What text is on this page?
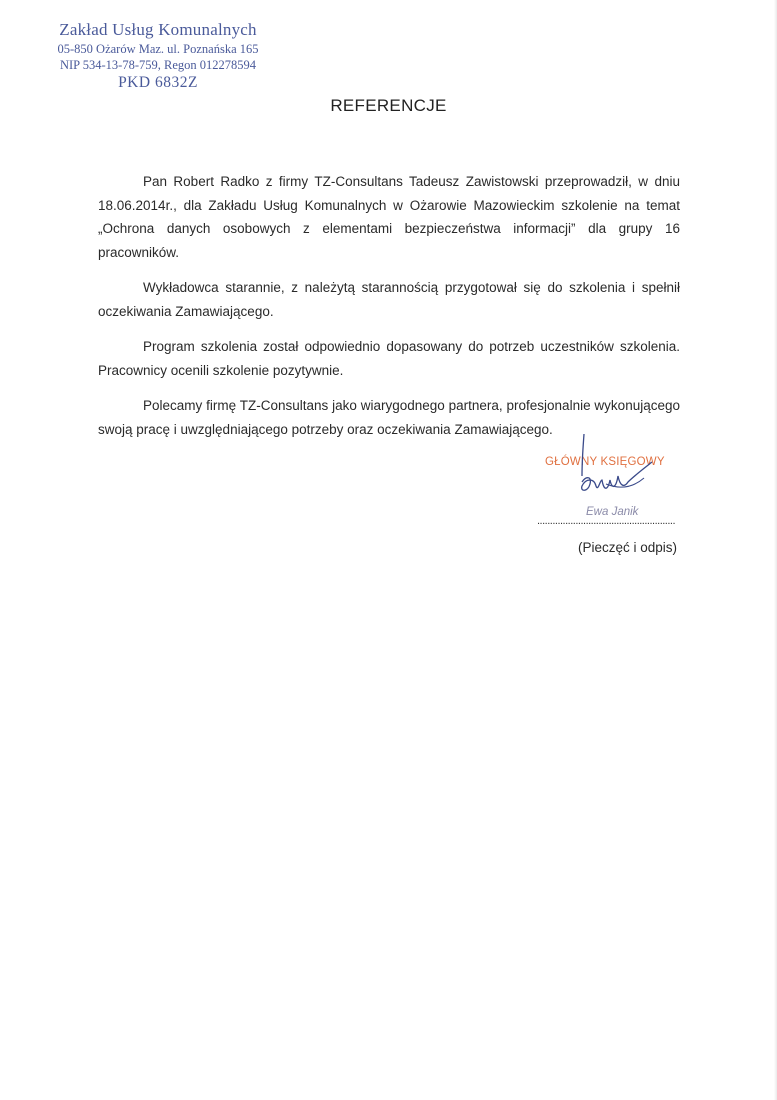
Zakład Usług Komunalnych
05-850 Ożarów Maz. ul. Poznańska 165
NIP 534-13-78-759, Regon 012278594
PKD 6832Z
REFERENCJE

Pan Robert Radko z firmy TZ-Consultans Tadeusz Zawistowski przeprowadził, w dniu 18.06.2014r., dla Zakładu Usług Komunalnych w Ożarowie Mazowieckim szkolenie na temat „Ochrona danych osobowych z elementami bezpieczeństwa informacji” dla grupy 16 pracowników.

Wykładowca starannie, z należytą starannością przygotował się do szkolenia i spełnił oczekiwania Zamawiającego.

Program szkolenia został odpowiednio dopasowany do potrzeb uczestników szkolenia. Pracownicy ocenili szkolenie pozytywnie.

Polecamy firmę TZ-Consultans jako wiarygodnego partnera, profesjonalnie wykonującego swoją pracę i uwzględniającego potrzeby oraz oczekiwania Zamawiającego.

GŁÓWNY KSIĘGOWY
Ewa Janik
......................................................
(Pieczęć i odpis)
